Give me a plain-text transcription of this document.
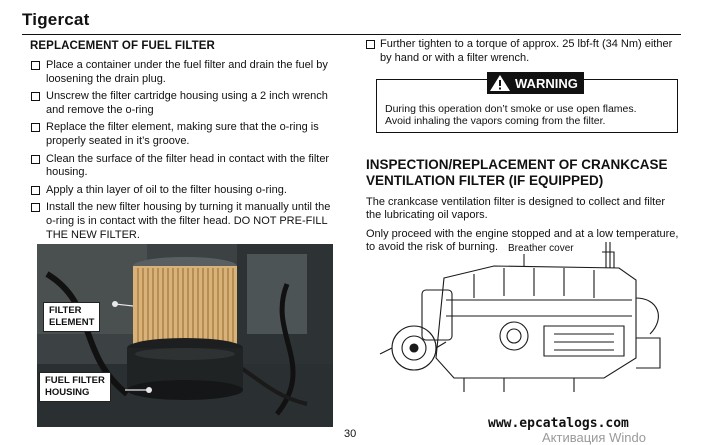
Tigercat
REPLACEMENT OF FUEL FILTER
Place a container under the fuel filter and drain the fuel by loosening the drain plug.
Unscrew the filter cartridge housing using a 2 inch wrench and remove the o-ring
Replace the filter element, making sure that the o-ring is properly seated in it’s groove.
Clean the surface of the filter head in contact with the filter housing.
Apply a thin layer of oil to the filter housing o-ring.
Install the new filter housing by turning it manually until the o-ring is in contact with the filter head. DO NOT PRE-FILL THE NEW FILTER.
FILTER
ELEMENT
FUEL FILTER
HOUSING
Further tighten to a torque of approx. 25 lbf-ft (34 Nm) either by hand or with a filter wrench.
WARNING
During this operation don’t smoke or use open flames.
Avoid inhaling the vapors coming from the filter.
INSPECTION/REPLACEMENT OF CRANKCASE
VENTILATION FILTER (IF EQUIPPED)
The crankcase ventilation filter is designed to collect and filter the lubricating oil vapors.
Only proceed with the engine stopped and at a low temperature, to avoid the risk of burning. Breather cover
30
www.epcatalogs.com
Активация Windo
